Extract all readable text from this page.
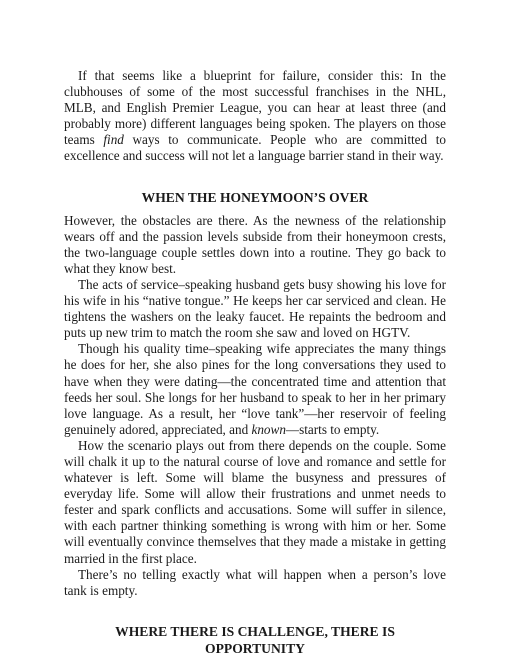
If that seems like a blueprint for failure, consider this: In the clubhouses of some of the most successful franchises in the NHL, MLB, and English Premier League, you can hear at least three (and probably more) different languages being spoken. The players on those teams find ways to communicate. People who are committed to excellence and success will not let a language barrier stand in their way.

WHEN THE HONEYMOON’S OVER

However, the obstacles are there. As the newness of the relationship wears off and the passion levels subside from their honeymoon crests, the two-language couple settles down into a routine. They go back to what they know best.

The acts of service–speaking husband gets busy showing his love for his wife in his “native tongue.” He keeps her car serviced and clean. He tightens the washers on the leaky faucet. He repaints the bedroom and puts up new trim to match the room she saw and loved on HGTV.

Though his quality time–speaking wife appreciates the many things he does for her, she also pines for the long conversations they used to have when they were dating—the concentrated time and attention that feeds her soul. She longs for her husband to speak to her in her primary love language. As a result, her “love tank”—her reservoir of feeling genuinely adored, appreciated, and known—starts to empty.

How the scenario plays out from there depends on the couple. Some will chalk it up to the natural course of love and romance and settle for whatever is left. Some will blame the busyness and pressures of everyday life. Some will allow their frustrations and unmet needs to fester and spark conflicts and accusations. Some will suffer in silence, with each partner thinking something is wrong with him or her. Some will eventually convince themselves that they made a mistake in getting married in the first place.

There’s no telling exactly what will happen when a person’s love tank is empty.

WHERE THERE IS CHALLENGE, THERE IS
OPPORTUNITY
